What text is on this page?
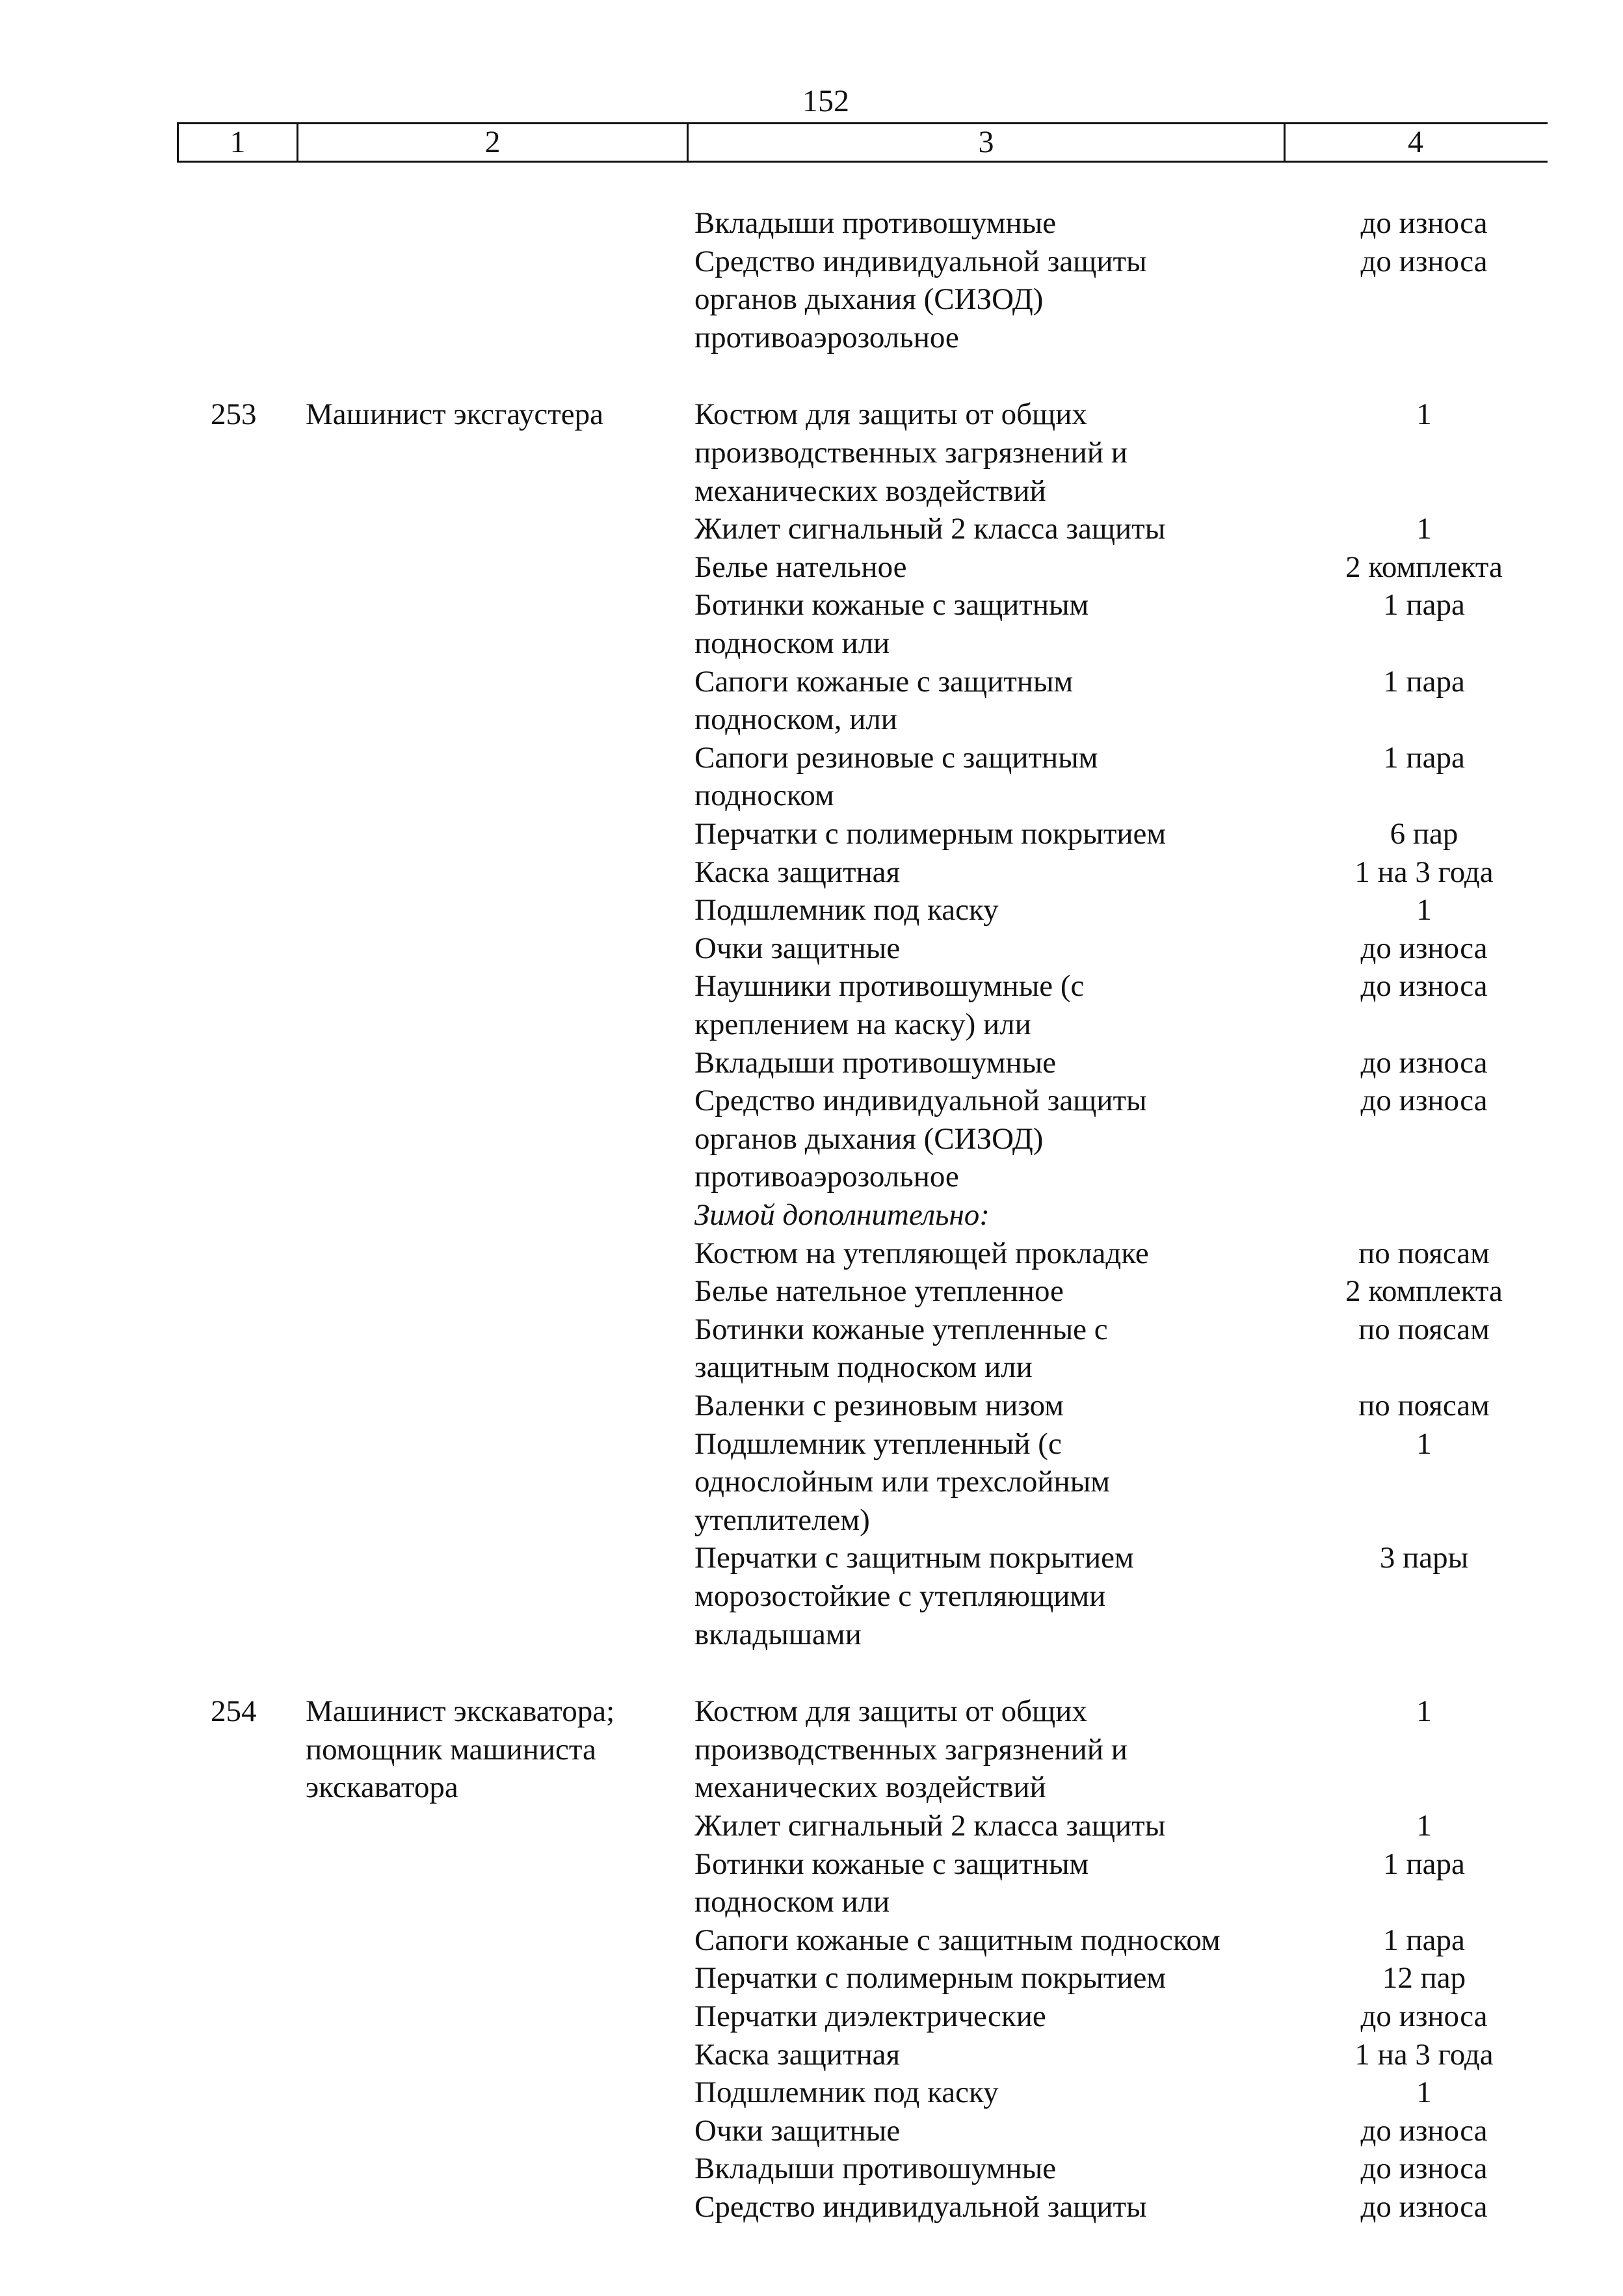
152
1	2	3	4
Вкладыши противошумные	до износа
Средство индивидуальной защиты	до износа
органов дыхания (СИЗОД)
противоаэрозольное
253	Машинист эксгаустера	Костюм для защиты от общих	1
производственных загрязнений и
механических воздействий
Жилет сигнальный 2 класса защиты	1
Белье нательное	2 комплекта
Ботинки кожаные с защитным	1 пара
подноском или
Сапоги кожаные с защитным	1 пара
подноском, или
Сапоги резиновые с защитным	1 пара
подноском
Перчатки с полимерным покрытием	6 пар
Каска защитная	1 на 3 года
Подшлемник под каску	1
Очки защитные	до износа
Наушники противошумные (с	до износа
креплением на каску) или
Вкладыши противошумные	до износа
Средство индивидуальной защиты	до износа
органов дыхания (СИЗОД)
противоаэрозольное
Зимой дополнительно:
Костюм на утепляющей прокладке	по поясам
Белье нательное утепленное	2 комплекта
Ботинки кожаные утепленные с	по поясам
защитным подноском или
Валенки с резиновым низом	по поясам
Подшлемник утепленный (с	1
однослойным или трехслойным
утеплителем)
Перчатки с защитным покрытием	3 пары
морозостойкие с утепляющими
вкладышами
254	Машинист экскаватора;	Костюм для защиты от общих	1
помощник машиниста	производственных загрязнений и
экскаватора	механических воздействий
Жилет сигнальный 2 класса защиты	1
Ботинки кожаные с защитным	1 пара
подноском или
Сапоги кожаные с защитным подноском	1 пара
Перчатки с полимерным покрытием	12 пар
Перчатки диэлектрические	до износа
Каска защитная	1 на 3 года
Подшлемник под каску	1
Очки защитные	до износа
Вкладыши противошумные	до износа
Средство индивидуальной защиты	до износа
